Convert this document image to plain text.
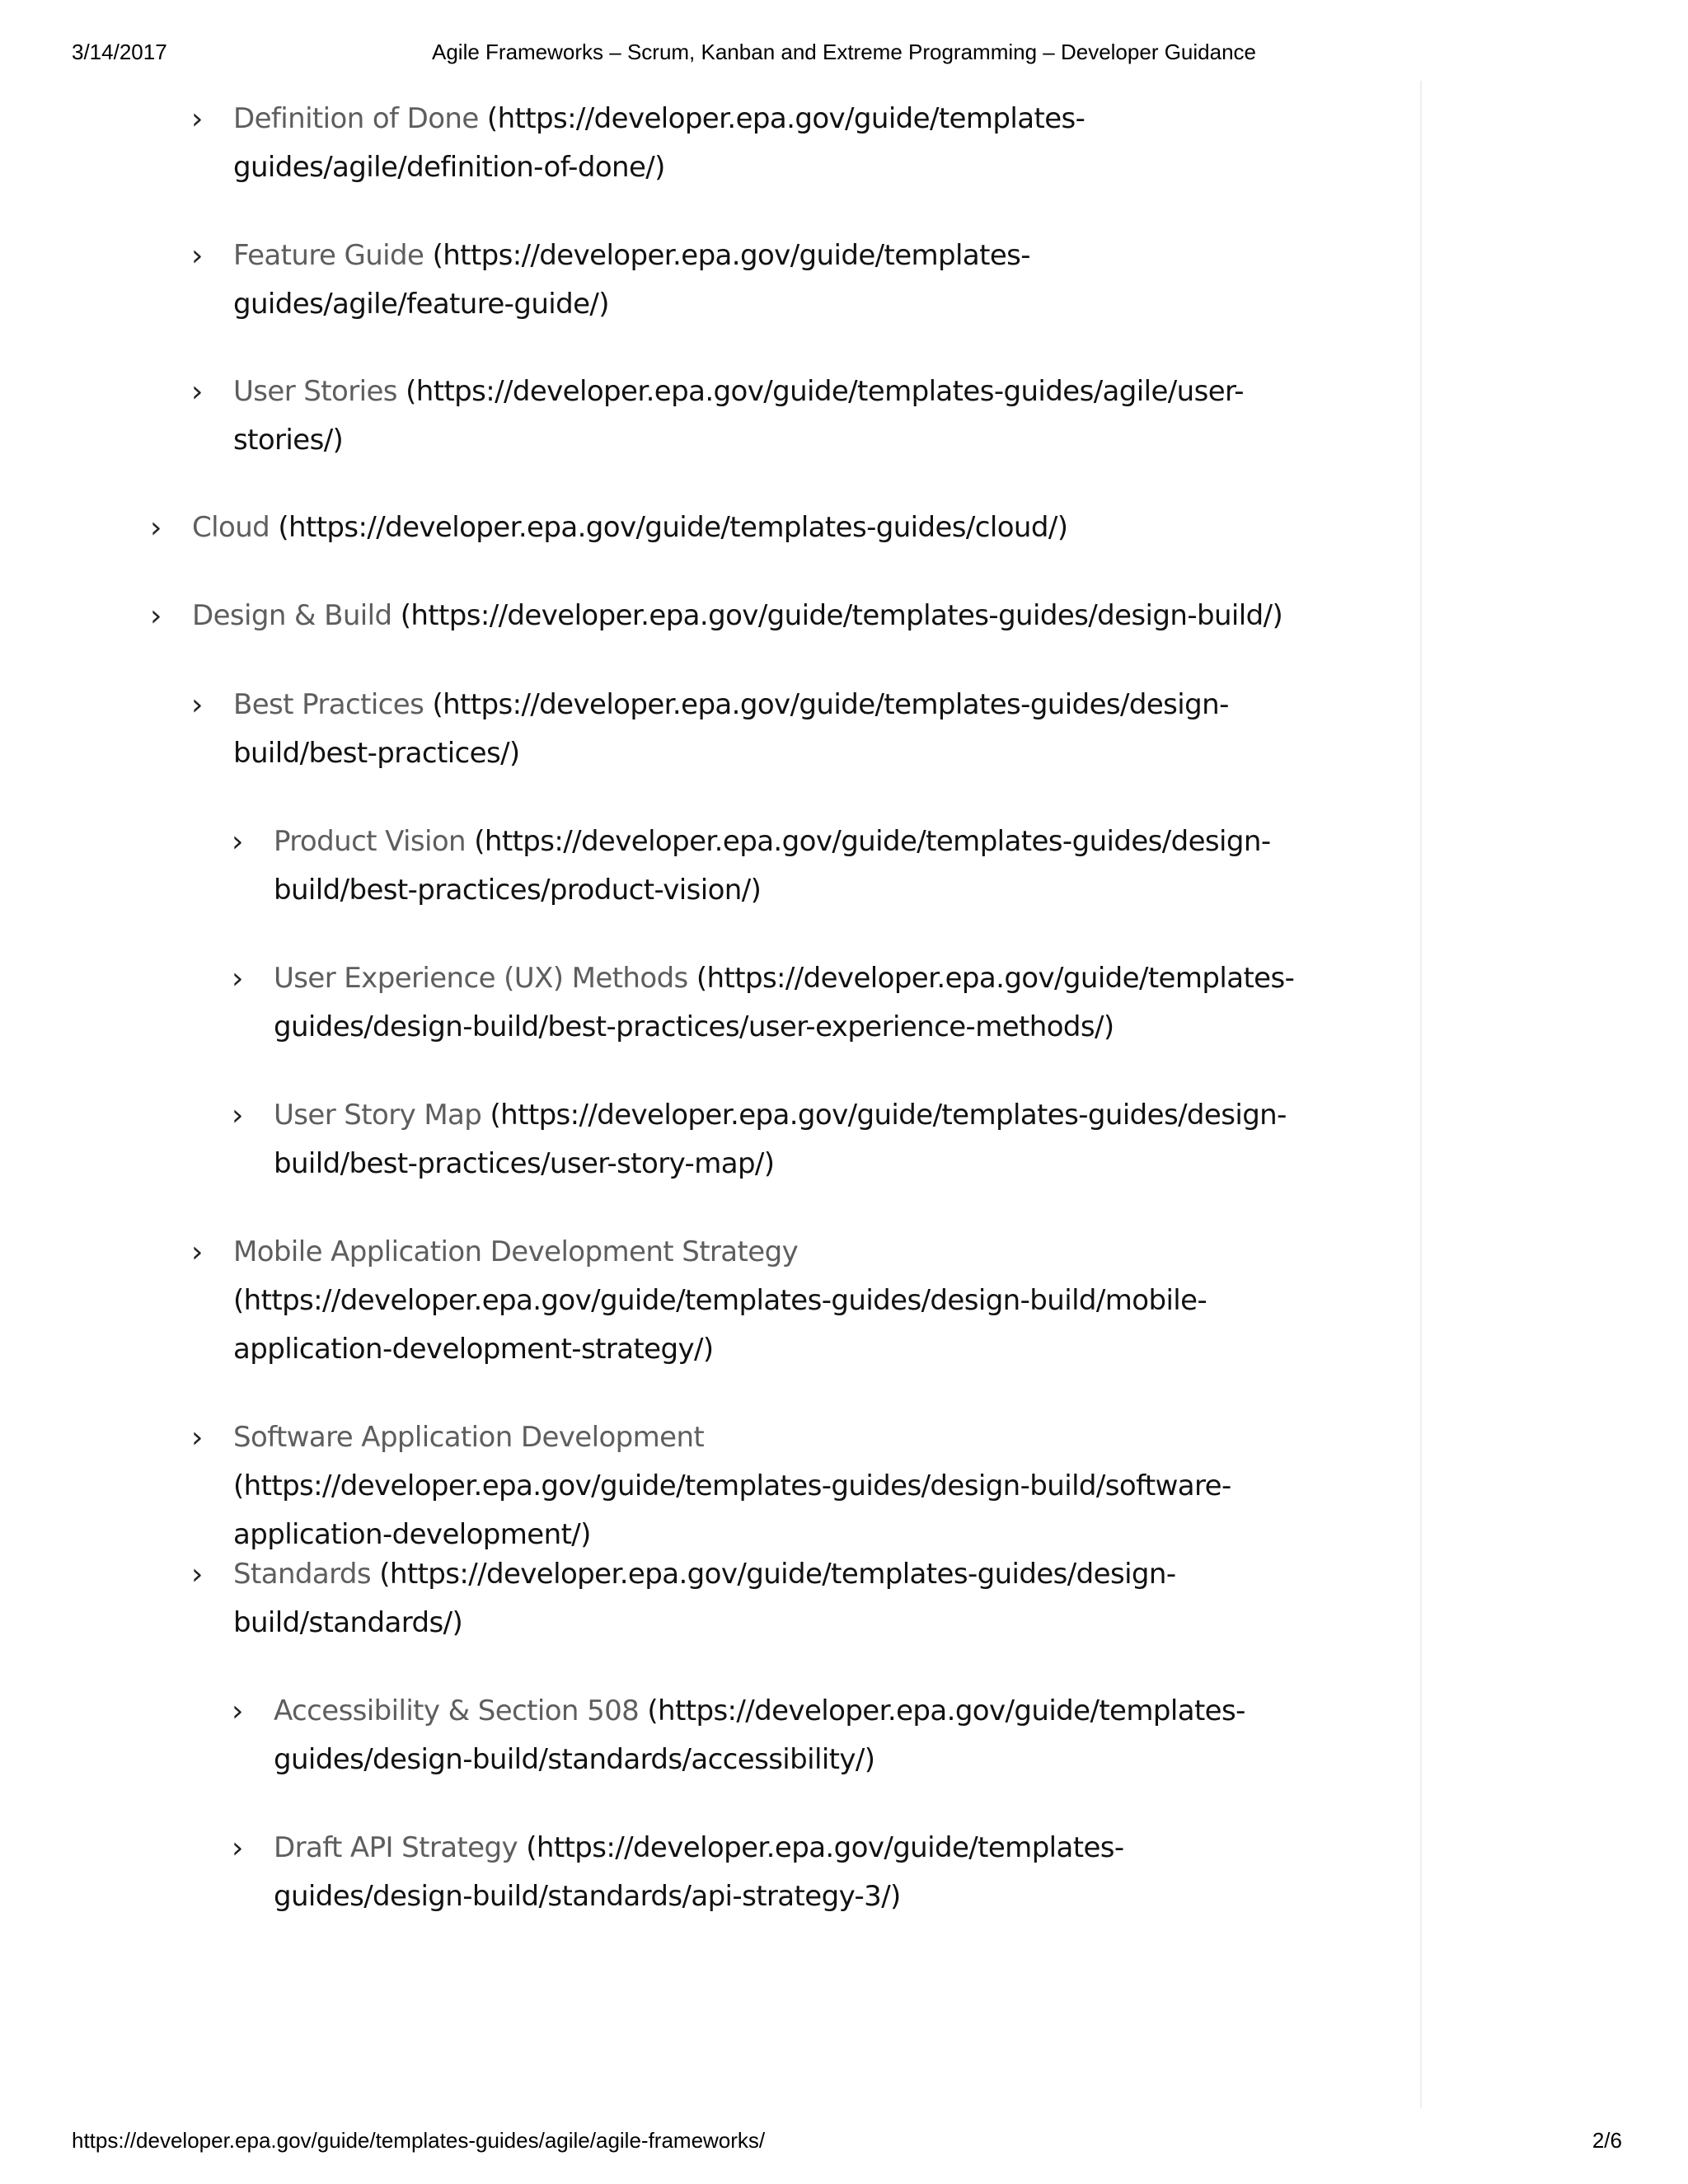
3/14/2017	Agile Frameworks – Scrum, Kanban and Extreme Programming – Developer Guidance
› Definition of Done (https://developer.epa.gov/guide/templates-guides/agile/definition-of-done/)
› Feature Guide (https://developer.epa.gov/guide/templates-guides/agile/feature-guide/)
› User Stories (https://developer.epa.gov/guide/templates-guides/agile/user-stories/)
› Cloud (https://developer.epa.gov/guide/templates-guides/cloud/)
› Design & Build (https://developer.epa.gov/guide/templates-guides/design-build/)
› Best Practices (https://developer.epa.gov/guide/templates-guides/design-build/best-practices/)
› Product Vision (https://developer.epa.gov/guide/templates-guides/design-build/best-practices/product-vision/)
› User Experience (UX) Methods (https://developer.epa.gov/guide/templates-guides/design-build/best-practices/user-experience-methods/)
› User Story Map (https://developer.epa.gov/guide/templates-guides/design-build/best-practices/user-story-map/)
› Mobile Application Development Strategy (https://developer.epa.gov/guide/templates-guides/design-build/mobile-application-development-strategy/)
› Software Application Development (https://developer.epa.gov/guide/templates-guides/design-build/software-application-development/)
› Standards (https://developer.epa.gov/guide/templates-guides/design-build/standards/)
› Accessibility & Section 508 (https://developer.epa.gov/guide/templates-guides/design-build/standards/accessibility/)
› Draft API Strategy (https://developer.epa.gov/guide/templates-guides/design-build/standards/api-strategy-3/)
https://developer.epa.gov/guide/templates-guides/agile/agile-frameworks/	2/6
